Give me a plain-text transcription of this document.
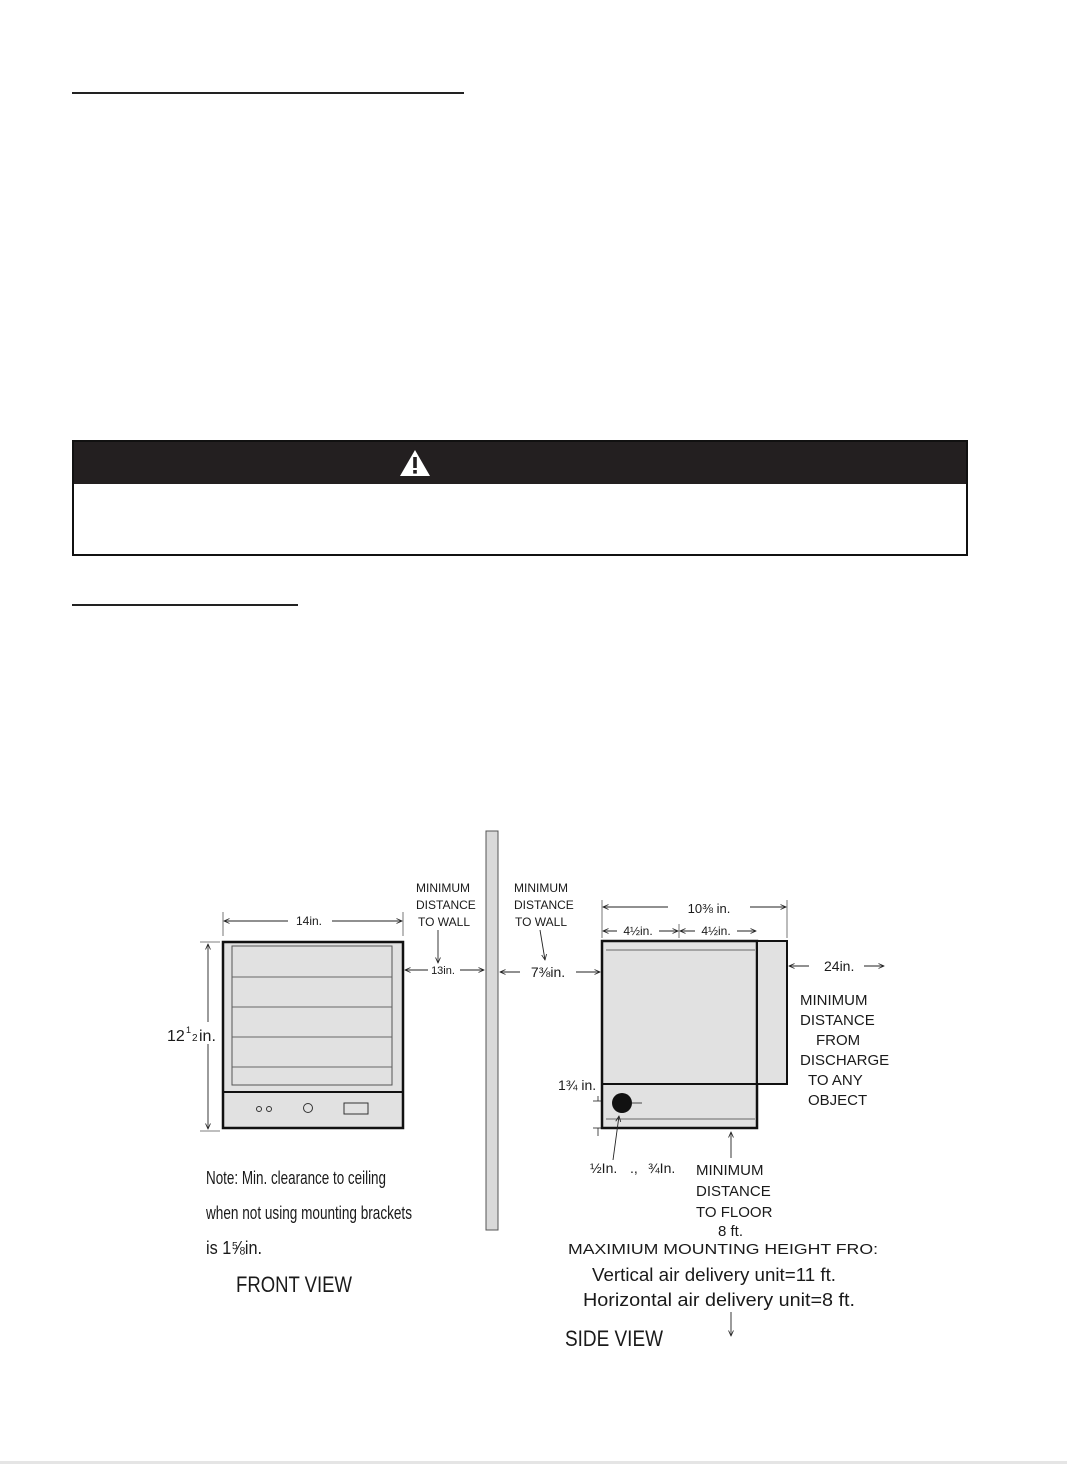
14in.
12 1
2 in.
MINIMUM
DISTANCE
TO WALL
13in.
Note: Min. clearance to ceiling
when not using mounting brackets
is 1⅝in.
FRONT VIEW
MINIMUM
DISTANCE
TO WALL
7⅜in.
10⅜ in.
4½in.	4½in.
24in.
MINIMUM
DISTANCE
FROM
DISCHARGE
TO ANY
OBJECT
1¾ in.
½In. ., ¾In. MINIMUM
DISTANCE
TO FLOOR
8 ft.
MAXIMIUM MOUNTING HEIGHT FRO:
Vertical air delivery unit=11 ft.
Horizontal air delivery unit=8 ft.
SIDE VIEW
